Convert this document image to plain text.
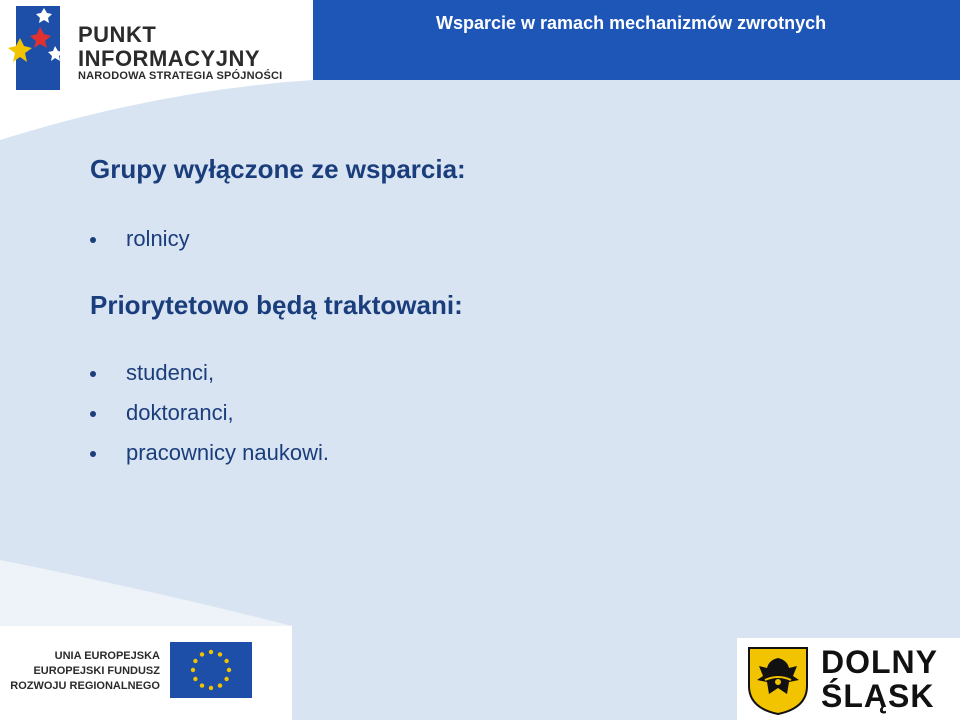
Wsparcie w ramach mechanizmów zwrotnych
PUNKT
INFORMACYJNY
NARODOWA STRATEGIA SPÓJNOŚCI
Grupy wyłączone ze wsparcia:
rolnicy
Priorytetowo będą traktowani:
studenci,
doktoranci,
pracownicy naukowi.
UNIA EUROPEJSKA
EUROPEJSKI FUNDUSZ
ROZWOJU REGIONALNEGO
DOLNY
ŚLĄSK
